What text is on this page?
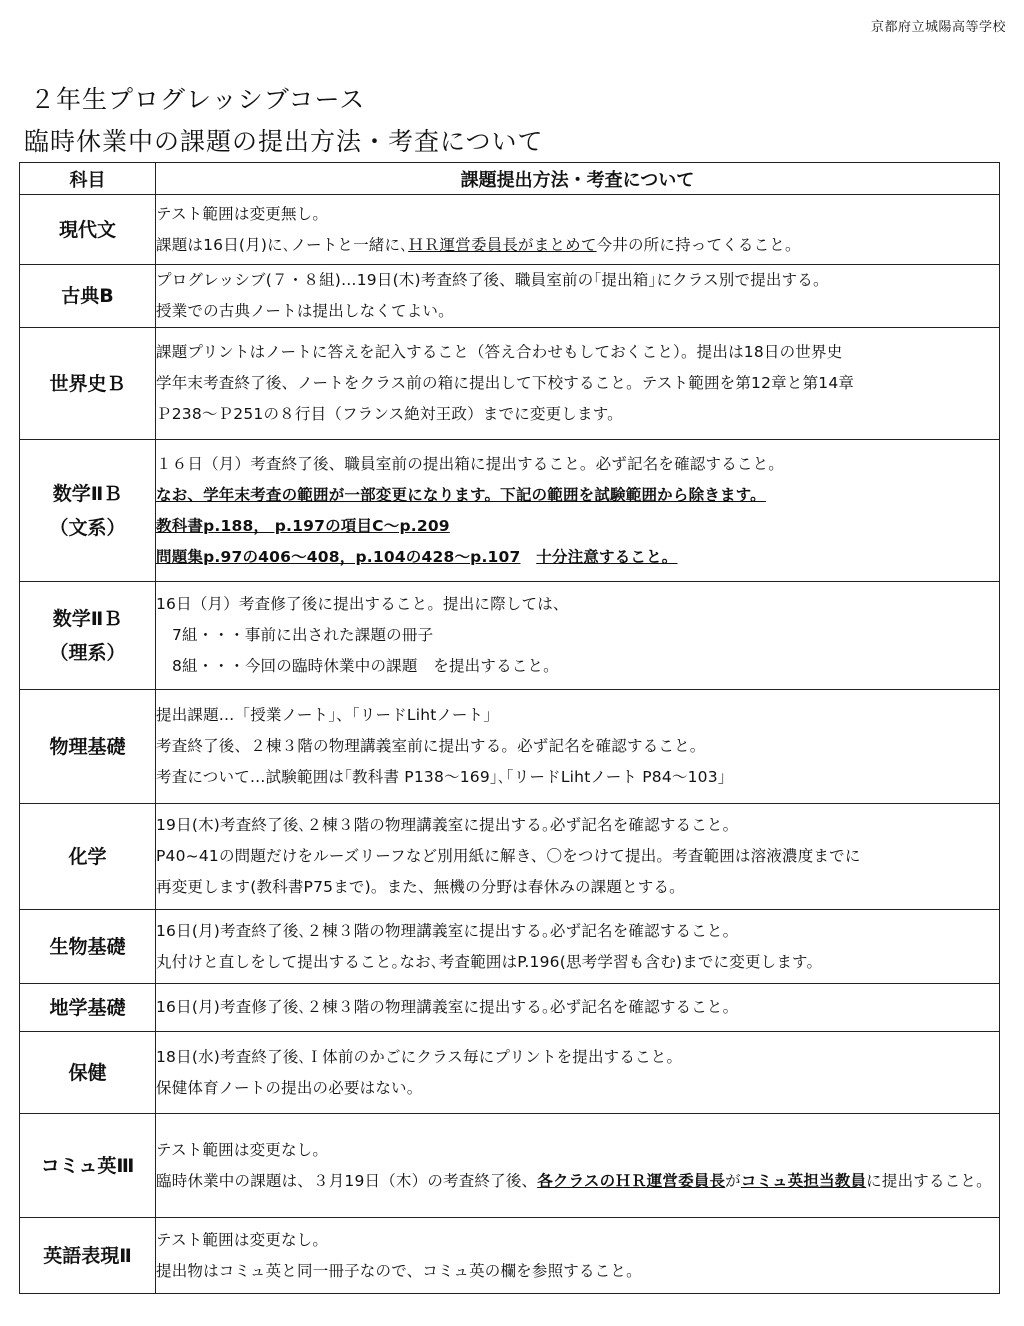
京都府立城陽高等学校
２年生プログレッシブコース
臨時休業中の課題の提出方法・考査について
科目	課題提出方法・考査について
現代文	テスト範囲は変更無し。
課題は16日(月)に､ノートと一緒に､ＨＲ運営委員長がまとめて今井の所に持ってくること。

古典B	プログレッシブ(７・８組)…19日(木)考査終了後、職員室前の｢提出箱｣にクラス別で提出する。
授業での古典ノートは提出しなくてよい。

世界史Ｂ	課題プリントはノートに答えを記入すること（答え合わせもしておくこと）。提出は18日の世界史
学年末考査終了後、ノートをクラス前の箱に提出して下校すること。テスト範囲を第12章と第14章
Ｐ238～Ｐ251の８行目（フランス絶対王政）までに変更します。

数学ⅡＢ
（文系）	１６日（月）考査終了後、職員室前の提出箱に提出すること。必ず記名を確認すること。
なお、学年末考査の範囲が一部変更になります。下記の範囲を試験範囲から除きます。
教科書p.188， p.197の項目C～p.209
問題集p.97の406～408，p.104の428～p.107　 十分注意すること。

数学ⅡＢ
（理系）	16日（月）考査修了後に提出すること。提出に際しては、
7組・・・事前に出された課題の冊子
8組・・・今回の臨時休業中の課題　を提出すること。

物理基礎	提出課題…「授業ノート」、「リードLihtノート」
考査終了後、２棟３階の物理講義室前に提出する。必ず記名を確認すること。
考査について…試験範囲は｢教科書 P138～169｣､｢リードLihtノート P84～103｣

化学	19日(木)考査終了後､２棟３階の物理講義室に提出する｡必ず記名を確認すること。
P40~41の問題だけをルーズリーフなど別用紙に解き、〇をつけて提出。考査範囲は溶液濃度までに
再変更します(教科書P75まで)。また、無機の分野は春休みの課題とする。

生物基礎	16日(月)考査終了後､２棟３階の物理講義室に提出する｡必ず記名を確認すること。
丸付けと直しをして提出すること｡なお､考査範囲はP.196(思考学習も含む)までに変更します。

地学基礎	16日(月)考査修了後､２棟３階の物理講義室に提出する｡必ず記名を確認すること。

保健	18日(水)考査終了後､Ｉ体前のかごにクラス毎にプリントを提出すること。
保健体育ノートの提出の必要はない。

コミュ英Ⅲ	テスト範囲は変更なし。
臨時休業中の課題は、３月19日（木）の考査終了後、各クラスのＨＲ運営委員長がコミュ英担当教員に提出すること。

英語表現Ⅱ	テスト範囲は変更なし。
提出物はコミュ英と同一冊子なので、コミュ英の欄を参照すること。
